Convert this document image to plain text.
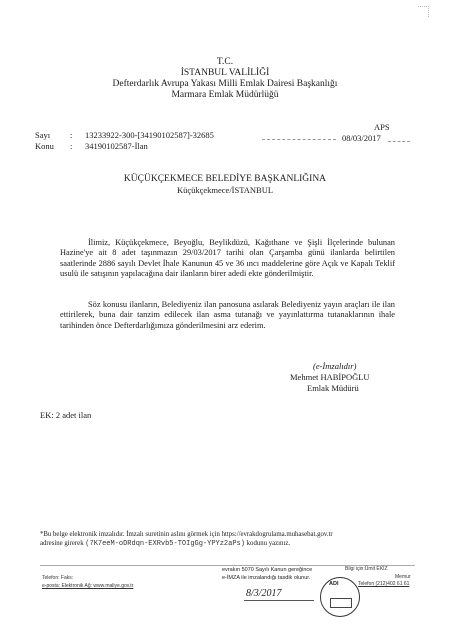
T.C.
İSTANBUL VALİLİĞİ
Defterdarlık Avrupa Yakası Milli Emlak Dairesi Başkanlığı
Marmara Emlak Müdürlüğü
Sayı : 13233922-300-[34190102587]-32685
Konu : 34190102587-İlan
APS
08/03/2017
KÜÇÜKÇEKMECE BELEDİYE BAŞKANLIĞINA
Küçükçekmece/İSTANBUL
İlimiz, Küçükçekmece, Beyoğlu, Beylikdüzü, Kağıthane ve Şişli İlçelerinde bulunan Hazine'ye ait 8 adet taşınmazın 29/03/2017 tarihi olan Çarşamba günü ilanlarda belirtilen saatlerinde 2886 sayılı Devlet İhale Kanunun 45 ve 36 ıncı maddelerine göre Açık ve Kapalı Teklif usulü ile satışının yapılacağına dair ilanların birer adedi ekte gönderilmiştir.
Söz konusu ilanların, Belediyeniz ilan panosuna asılarak Belediyeniz yayın araçları ile ilan ettirilerek, buna dair tanzim edilecek ilan asma tutanağı ve yayınlattırma tutanaklarının ihale tarihinden önce Defterdarlığımıza gönderilmesini arz ederim.
(e-İmzalıdır)
Mehmet HABİPOĞLU
Emlak Müdürü
EK: 2 adet ilan
*Bu belge elektronik imzalıdır. İmzalı suretinin aslını görmek için https://evrakdogrulama.muhasebat.gov.tr
adresine girerek (7K7eeM-oDRdqn-EXRvb5-TOIgGg-YPYz2aPs) kodunu yazınız.
Telefon: Faks:
e-posta: Elektronik Ağ: www.maliye.gov.tr
Bilgi için:Ümit EKİZ
Memur
Telefon (212)402 61 61
evrakın 5070 Sayılı Kanun gereğince
e-İMZA ile imzalandığı tasdik olunur.
ADI
8/3/2017
